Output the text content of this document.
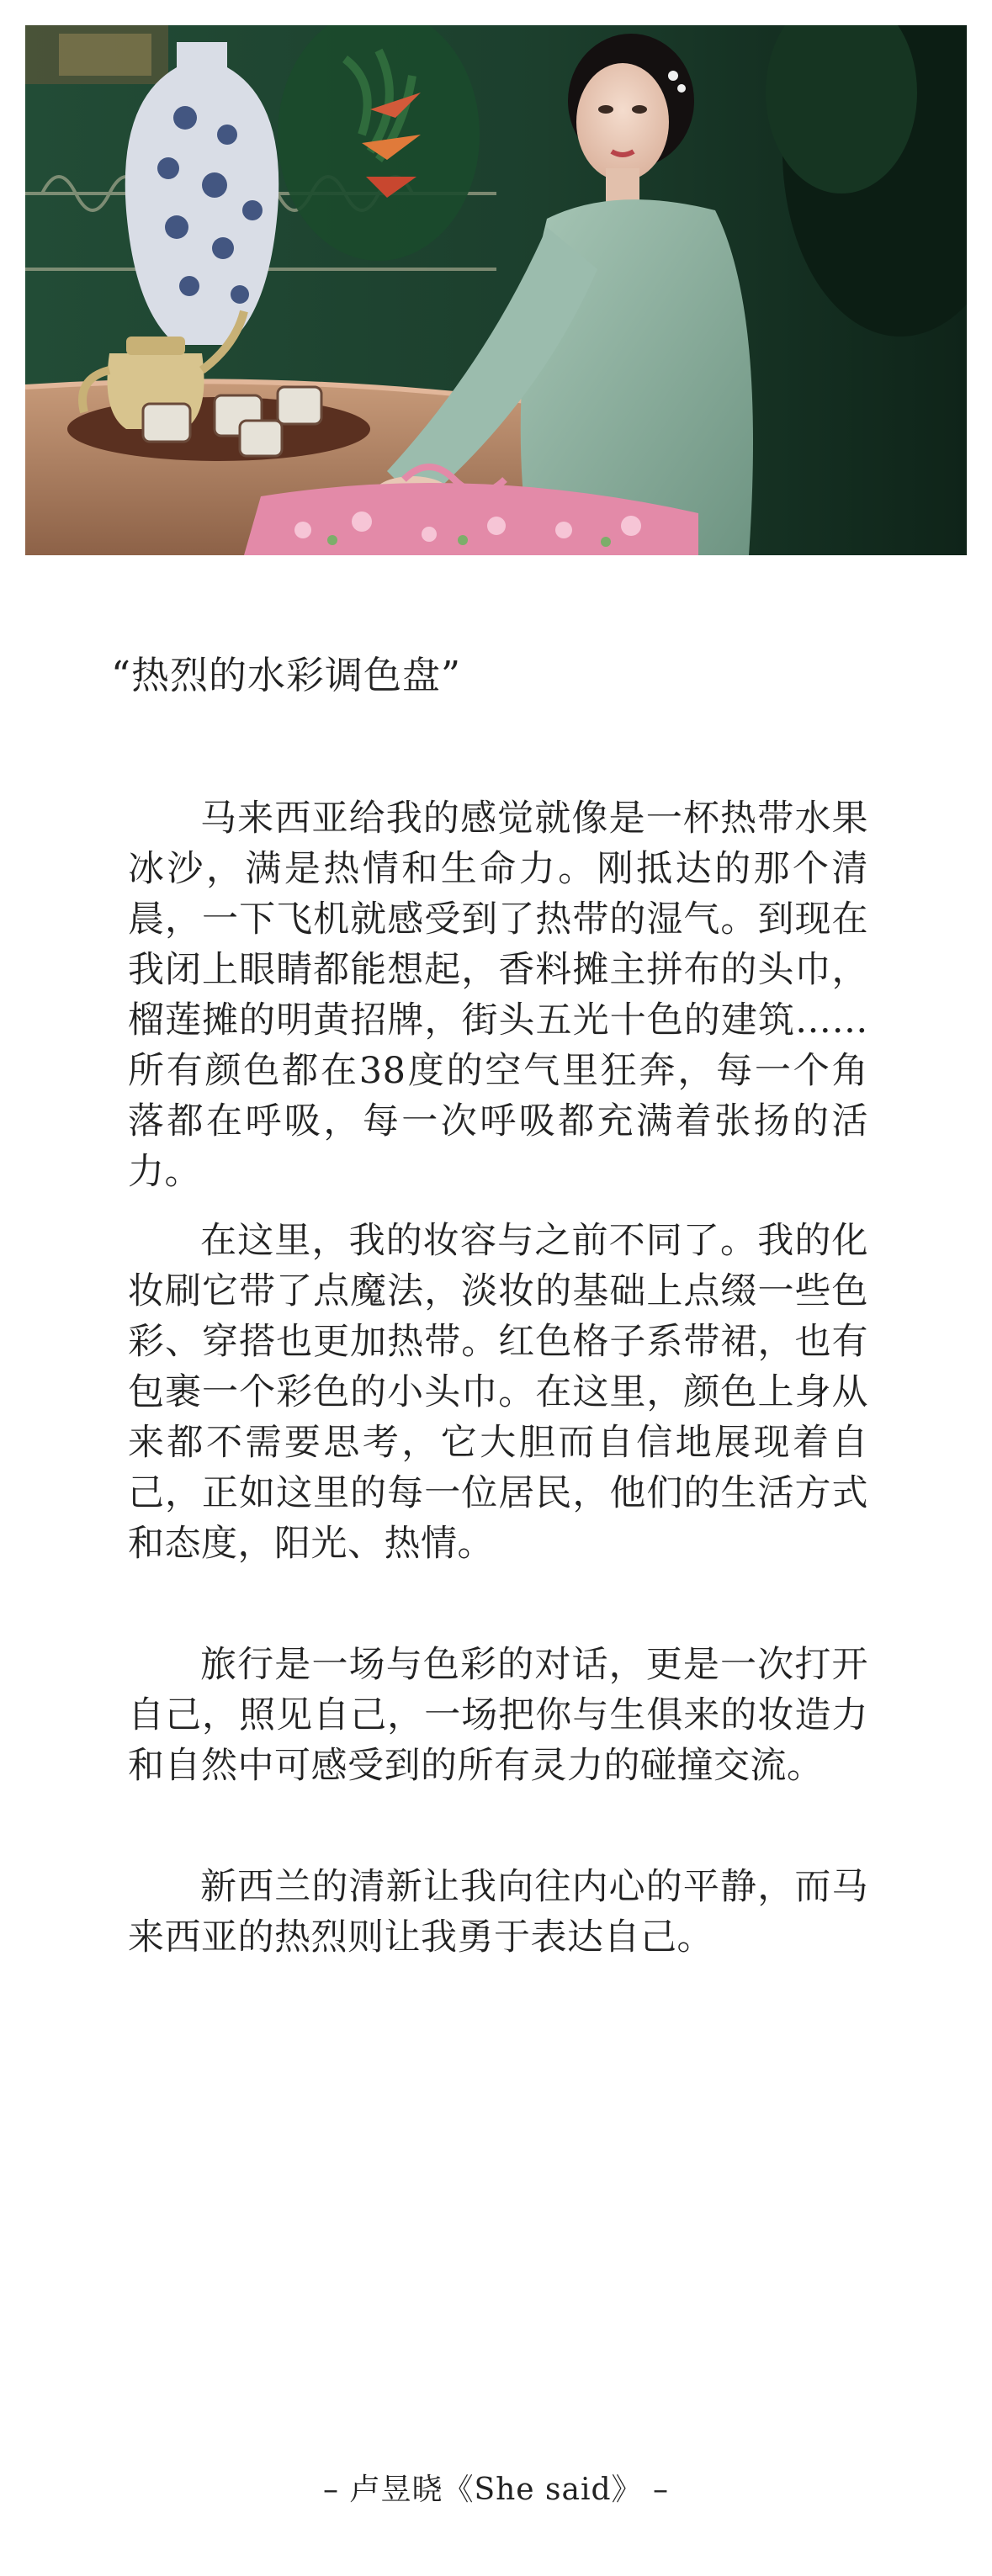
“热烈的水彩调色盘”

马来西亚给我的感觉就像是一杯热带水果冰沙，满是热情和生命力。刚抵达的那个清晨，一下飞机就感受到了热带的湿气。到现在我闭上眼睛都能想起，香料摊主拼布的头巾，榴莲摊的明黄招牌，街头五光十色的建筑……所有颜色都在38度的空气里狂奔，每一个角落都在呼吸，每一次呼吸都充满着张扬的活力。

在这里，我的妆容与之前不同了。我的化妆刷它带了点魔法，淡妆的基础上点缀一些色彩、穿搭也更加热带。红色格子系带裙，也有包裹一个彩色的小头巾。在这里，颜色上身从来都不需要思考，它大胆而自信地展现着自己，正如这里的每一位居民，他们的生活方式和态度，阳光、热情。

旅行是一场与色彩的对话，更是一次打开自己，照见自己，一场把你与生俱来的妆造力和自然中可感受到的所有灵力的碰撞交流。

新西兰的清新让我向往内心的平静，而马来西亚的热烈则让我勇于表达自己。

– 卢昱晓《She said》 –
